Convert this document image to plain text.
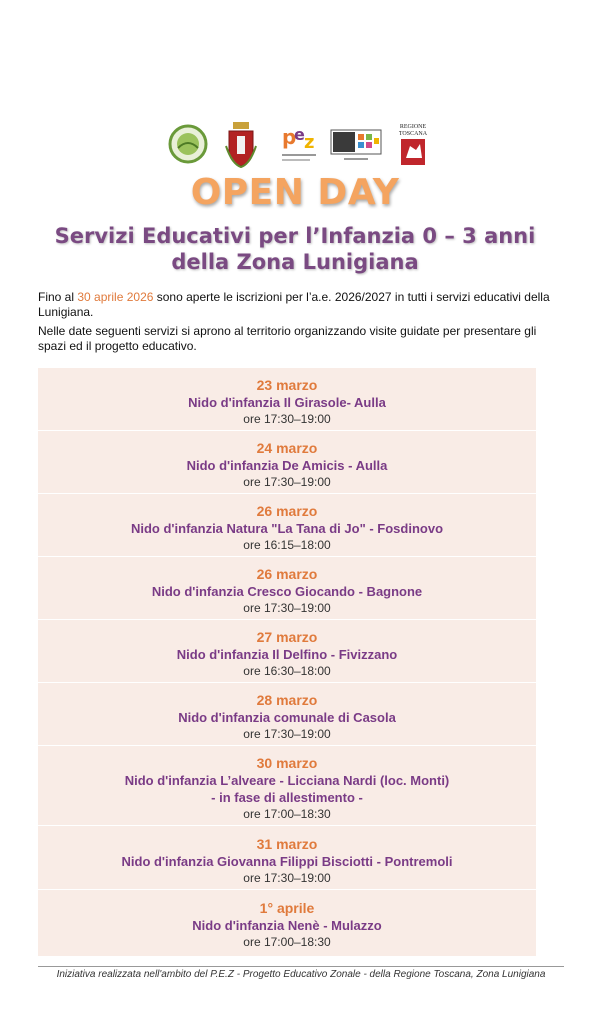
p
e z
REGIONE
TOSCANA
OPEN DAY
Servizi Educativi per l’Infanzia 0 – 3 anni
della Zona Lunigiana
Fino al 30 aprile 2026 sono aperte le iscrizioni per l’a.e. 2026/2027 in tutti i servizi educativi della Lunigiana.
Nelle date seguenti servizi si aprono al territorio organizzando visite guidate per presentare gli spazi ed il progetto educativo.
23 marzo
Nido d'infanzia Il Girasole- Aulla
ore 17:30–19:00
24 marzo
Nido d'infanzia De Amicis - Aulla
ore 17:30–19:00
26 marzo
Nido d'infanzia Natura "La Tana di Jo" - Fosdinovo
ore 16:15–18:00
26 marzo
Nido d'infanzia Cresco Giocando - Bagnone
ore 17:30–19:00
27 marzo
Nido d'infanzia Il Delfino - Fivizzano
ore 16:30–18:00
28 marzo
Nido d'infanzia comunale di Casola
ore 17:30–19:00
30 marzo
Nido d'infanzia L’alveare - Licciana Nardi (loc. Monti)
- in fase di allestimento -
ore 17:00–18:30
31 marzo
Nido d'infanzia Giovanna Filippi Bisciotti - Pontremoli
ore 17:30–19:00
1° aprile
Nido d'infanzia Nenè - Mulazzo
ore 17:00–18:30
Iniziativa realizzata nell'ambito del P.E.Z - Progetto Educativo Zonale - della Regione Toscana, Zona Lunigiana
